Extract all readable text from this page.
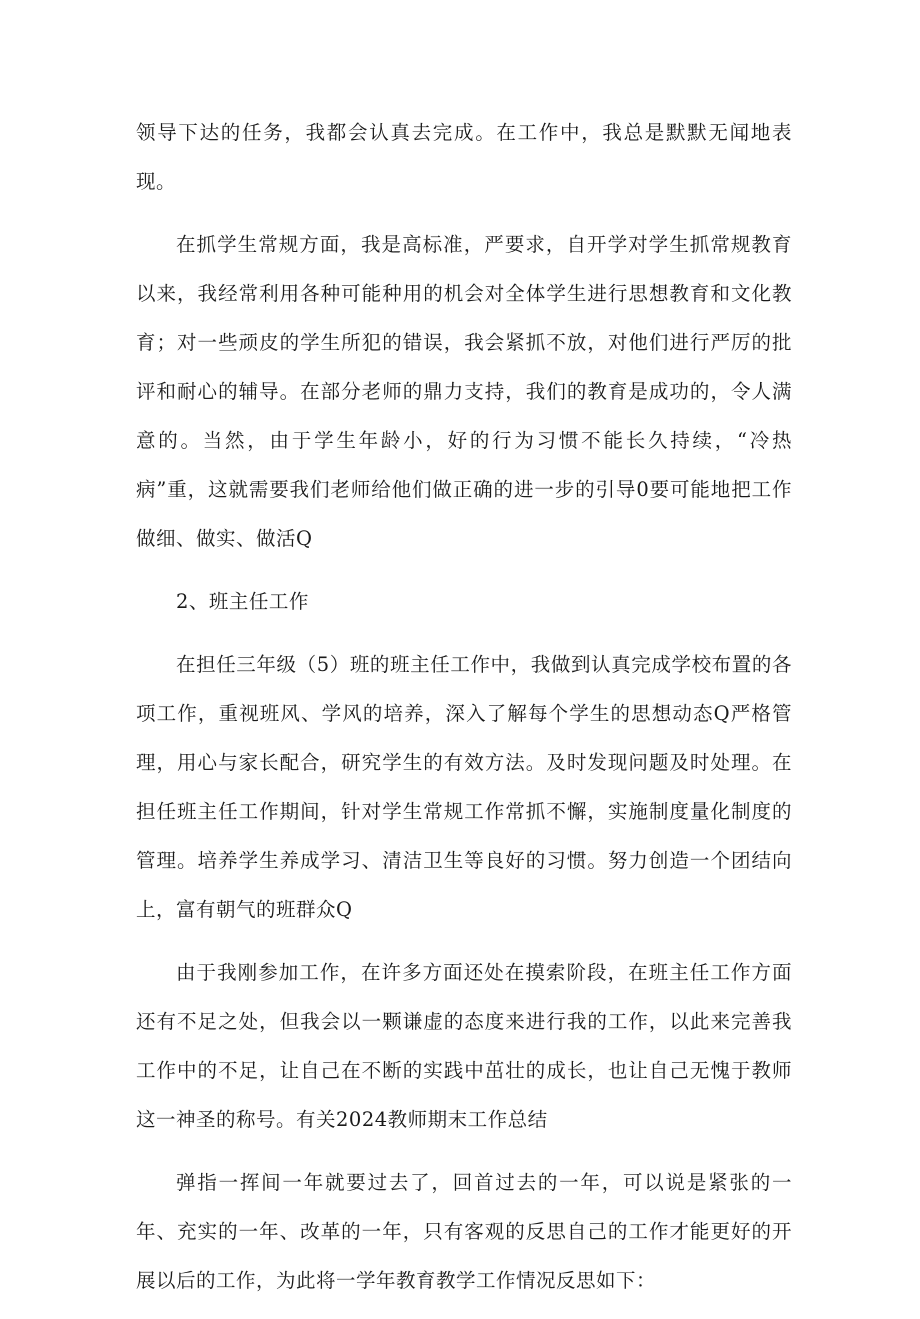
领导下达的任务，我都会认真去完成。在工作中，我总是默默无闻地表现。

在抓学生常规方面，我是高标准，严要求，自开学对学生抓常规教育以来，我经常利用各种可能种用的机会对全体学生进行思想教育和文化教育；对一些顽皮的学生所犯的错误，我会紧抓不放，对他们进行严厉的批评和耐心的辅导。在部分老师的鼎力支持，我们的教育是成功的，令人满意的。当然，由于学生年龄小，好的行为习惯不能长久持续，“冷热病”重，这就需要我们老师给他们做正确的进一步的引导0要可能地把工作做细、做实、做活Q

2、班主任工作

在担任三年级（5）班的班主任工作中，我做到认真完成学校布置的各项工作，重视班风、学风的培养，深入了解每个学生的思想动态Q严格管理，用心与家长配合，研究学生的有效方法。及时发现问题及时处理。在担任班主任工作期间，针对学生常规工作常抓不懈，实施制度量化制度的管理。培养学生养成学习、清洁卫生等良好的习惯。努力创造一个团结向上，富有朝气的班群众Q

由于我刚参加工作，在许多方面还处在摸索阶段，在班主任工作方面还有不足之处，但我会以一颗谦虚的态度来进行我的工作，以此来完善我工作中的不足，让自己在不断的实践中茁壮的成长，也让自己无愧于教师这一神圣的称号。有关2024教师期末工作总结

弹指一挥间一年就要过去了，回首过去的一年，可以说是紧张的一年、充实的一年、改革的一年，只有客观的反思自己的工作才能更好的开展以后的工作，为此将一学年教育教学工作情况反思如下：
